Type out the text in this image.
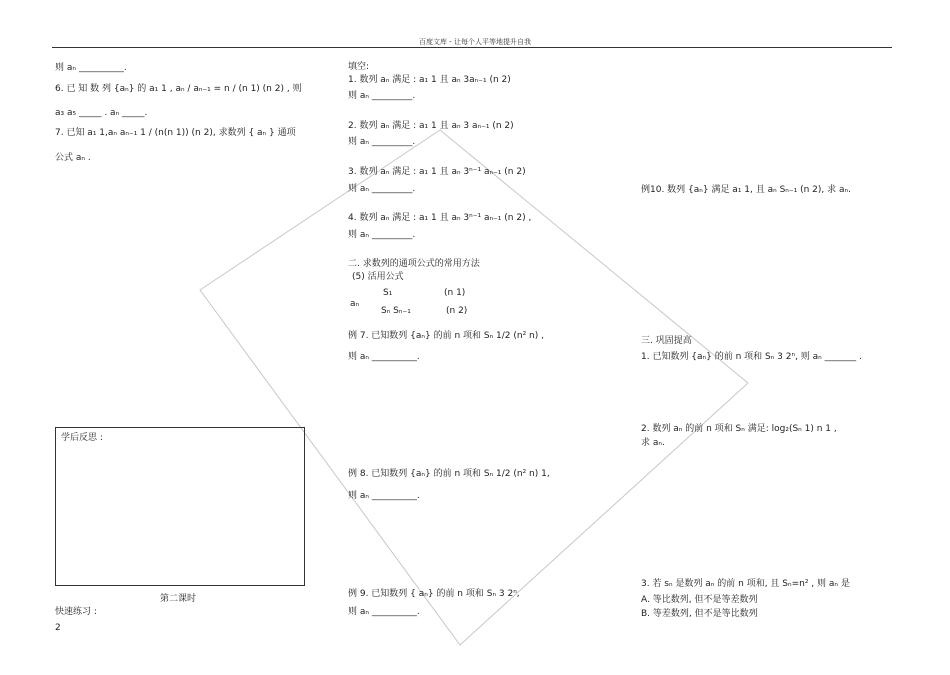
百度文库 - 让每个人平等地提升自我
则 aₙ __________.
6. 已 知 数 列 {aₙ} 的 a₁ 1 , aₙ / aₙ₋₁ = n / (n 1) (n 2) , 则
a₃ a₅ _____ . aₙ _____.
7. 已知 a₁ 1,aₙ aₙ₋₁ 1 / (n(n 1)) (n 2), 求数列 { aₙ } 通项
公式 aₙ .
学后反思 :
第二课时
快速练习 :
2
填空:
1. 数列 aₙ 满足 : a₁ 1 且 aₙ 3aₙ₋₁ (n 2)
则 aₙ _________.
2. 数列 aₙ 满足 : a₁ 1 且 aₙ 3 aₙ₋₁ (n 2)
则 aₙ _________.
3. 数列 aₙ 满足 : a₁ 1 且 aₙ 3ⁿ⁻¹ aₙ₋₁ (n 2)
则 aₙ _________.
4. 数列 aₙ 满足 : a₁ 1 且 aₙ 3ⁿ⁻¹ aₙ₋₁ (n 2) ,
则 aₙ _________.
二. 求数列的通项公式的常用方法
(5) 活用公式
aₙ
S₁	(n 1)
Sₙ Sₙ₋₁	(n 2)
例 7. 已知数列 {aₙ} 的前 n 项和 Sₙ 1/2 (n² n) ,
则 aₙ __________.
例 8. 已知数列 {aₙ} 的前 n 项和 Sₙ 1/2 (n² n) 1,
则 aₙ __________.
例 9. 已知数列 { aₙ} 的前 n 项和 Sₙ 3 2ⁿ,
则 aₙ __________.
例10. 数列 {aₙ} 满足 a₁ 1, 且 aₙ Sₙ₋₁ (n 2), 求 aₙ.
三. 巩固提高
1. 已知数列 {aₙ} 的前 n 项和 Sₙ 3 2ⁿ, 则 aₙ _______ .
2. 数列 aₙ 的前 n 项和 Sₙ 满足: log₂(Sₙ 1) n 1 ,
求 aₙ.
3. 若 sₙ 是数列 aₙ 的前 n 项和, 且 Sₙ=n² , 则 aₙ 是
A. 等比数列, 但不是等差数列
B. 等差数列, 但不是等比数列
